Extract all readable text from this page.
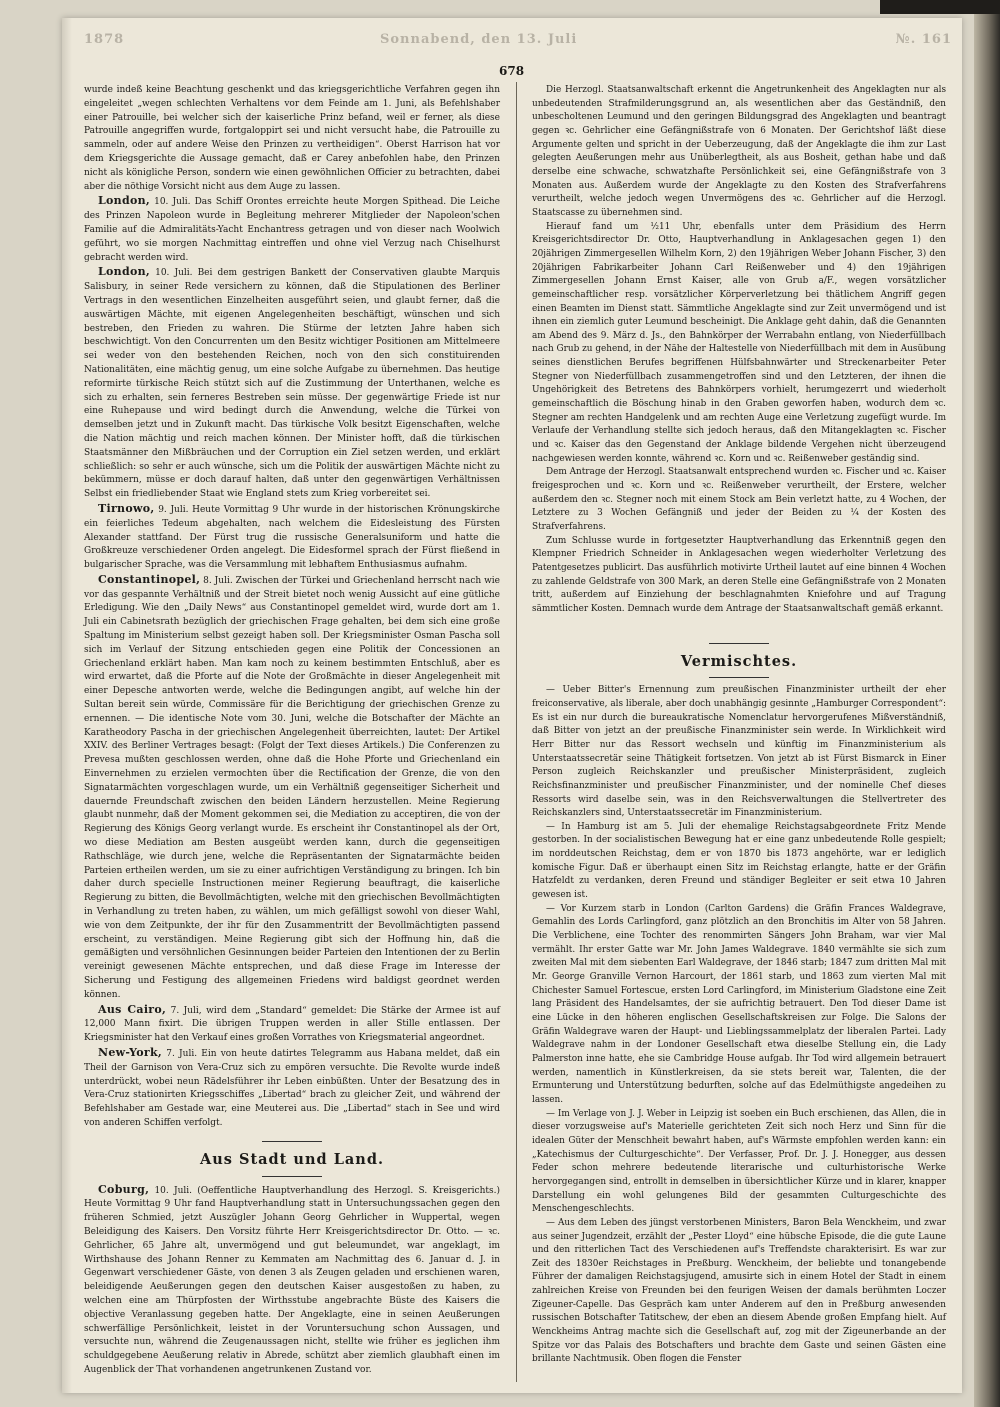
1878	Sonnabend, den 13. Juli	№. 161
678

wurde indeß keine Beachtung geschenkt und das kriegsgerichtliche Verfahren gegen ihn eingeleitet „wegen schlechten Verhaltens vor dem Feinde am 1. Juni, als Befehlshaber einer Patrouille, bei welcher sich der kaiserliche Prinz befand, weil er ferner, als diese Patrouille angegriffen wurde, fortgaloppirt sei und nicht versucht habe, die Patrouille zu sammeln, oder auf andere Weise den Prinzen zu vertheidigen“. Oberst Harrison hat vor dem Kriegsgerichte die Aussage gemacht, daß er Carey anbefohlen habe, den Prinzen nicht als königliche Person, sondern wie einen gewöhnlichen Officier zu betrachten, dabei aber die nöthige Vorsicht nicht aus dem Auge zu lassen.

London, 10. Juli. Das Schiff Orontes erreichte heute Morgen Spithead. Die Leiche des Prinzen Napoleon wurde in Begleitung mehrerer Mitglieder der Napoleon'schen Familie auf die Admiralitäts-Yacht Enchantress getragen und von dieser nach Woolwich geführt, wo sie morgen Nachmittag eintreffen und ohne viel Verzug nach Chiselhurst gebracht werden wird.

London, 10. Juli. Bei dem gestrigen Bankett der Conservativen glaubte Marquis Salisbury, in seiner Rede versichern zu können, daß die Stipulationen des Berliner Vertrags in den wesentlichen Einzelheiten ausgeführt seien, und glaubt ferner, daß die auswärtigen Mächte, mit eigenen Angelegenheiten beschäftigt, wünschen und sich bestreben, den Frieden zu wahren. Die Stürme der letzten Jahre haben sich beschwichtigt. Von den Concurrenten um den Besitz wichtiger Positionen am Mittelmeere sei weder von den bestehenden Reichen, noch von den sich constituirenden Nationalitäten, eine mächtig genug, um eine solche Aufgabe zu übernehmen. Das heutige reformirte türkische Reich stützt sich auf die Zustimmung der Unterthanen, welche es sich zu erhalten, sein ferneres Bestreben sein müsse. Der gegenwärtige Friede ist nur eine Ruhepause und wird bedingt durch die Anwendung, welche die Türkei von demselben jetzt und in Zukunft macht. Das türkische Volk besitzt Eigenschaften, welche die Nation mächtig und reich machen können. Der Minister hofft, daß die türkischen Staatsmänner den Mißbräuchen und der Corruption ein Ziel setzen werden, und erklärt schließlich: so sehr er auch wünsche, sich um die Politik der auswärtigen Mächte nicht zu bekümmern, müsse er doch darauf halten, daß unter den gegenwärtigen Verhältnissen Selbst ein friedliebender Staat wie England stets zum Krieg vorbereitet sei.

Tirnowo, 9. Juli. Heute Vormittag 9 Uhr wurde in der historischen Krönungskirche ein feierliches Tedeum abgehalten, nach welchem die Eidesleistung des Fürsten Alexander stattfand. Der Fürst trug die russische Generalsuniform und hatte die Großkreuze verschiedener Orden angelegt. Die Eidesformel sprach der Fürst fließend in bulgarischer Sprache, was die Versammlung mit lebhaftem Enthusiasmus aufnahm.

Constantinopel, 8. Juli. Zwischen der Türkei und Griechenland herrscht nach wie vor das gespannte Verhältniß und der Streit bietet noch wenig Aussicht auf eine gütliche Erledigung. Wie den „Daily News“ aus Constantinopel gemeldet wird, wurde dort am 1. Juli ein Cabinetsrath bezüglich der griechischen Frage gehalten, bei dem sich eine große Spaltung im Ministerium selbst gezeigt haben soll. Der Kriegsminister Osman Pascha soll sich im Verlauf der Sitzung entschieden gegen eine Politik der Concessionen an Griechenland erklärt haben. Man kam noch zu keinem bestimmten Entschluß, aber es wird erwartet, daß die Pforte auf die Note der Großmächte in dieser Angelegenheit mit einer Depesche antworten werde, welche die Bedingungen angibt, auf welche hin der Sultan bereit sein würde, Commissäre für die Berichtigung der griechischen Grenze zu ernennen. — Die identische Note vom 30. Juni, welche die Botschafter der Mächte an Karatheodory Pascha in der griechischen Angelegenheit überreichten, lautet: Der Artikel XXIV. des Berliner Vertrages besagt: (Folgt der Text dieses Artikels.) Die Conferenzen zu Prevesa mußten geschlossen werden, ohne daß die Hohe Pforte und Griechenland ein Einvernehmen zu erzielen vermochten über die Rectification der Grenze, die von den Signatarmächten vorgeschlagen wurde, um ein Verhältniß gegenseitiger Sicherheit und dauernde Freundschaft zwischen den beiden Ländern herzustellen. Meine Regierung glaubt nunmehr, daß der Moment gekommen sei, die Mediation zu acceptiren, die von der Regierung des Königs Georg verlangt wurde. Es erscheint ihr Constantinopel als der Ort, wo diese Mediation am Besten ausgeübt werden kann, durch die gegenseitigen Rathschläge, wie durch jene, welche die Repräsentanten der Signatarmächte beiden Parteien ertheilen werden, um sie zu einer aufrichtigen Verständigung zu bringen. Ich bin daher durch specielle Instructionen meiner Regierung beauftragt, die kaiserliche Regierung zu bitten, die Bevollmächtigten, welche mit den griechischen Bevollmächtigten in Verhandlung zu treten haben, zu wählen, um mich gefälligst sowohl von dieser Wahl, wie von dem Zeitpunkte, der ihr für den Zusammentritt der Bevollmächtigten passend erscheint, zu verständigen. Meine Regierung gibt sich der Hoffnung hin, daß die gemäßigten und versöhnlichen Gesinnungen beider Parteien den Intentionen der zu Berlin vereinigt gewesenen Mächte entsprechen, und daß diese Frage im Interesse der Sicherung und Festigung des allgemeinen Friedens wird baldigst geordnet werden können.

Aus Cairo, 7. Juli, wird dem „Standard“ gemeldet: Die Stärke der Armee ist auf 12,000 Mann fixirt. Die übrigen Truppen werden in aller Stille entlassen. Der Kriegsminister hat den Verkauf eines großen Vorrathes von Kriegsmaterial angeordnet.

New-York, 7. Juli. Ein von heute datirtes Telegramm aus Habana meldet, daß ein Theil der Garnison von Vera-Cruz sich zu empören versuchte. Die Revolte wurde indeß unterdrückt, wobei neun Rädelsführer ihr Leben einbüßten. Unter der Besatzung des in Vera-Cruz stationirten Kriegsschiffes „Libertad“ brach zu gleicher Zeit, und während der Befehlshaber am Gestade war, eine Meuterei aus. Die „Libertad“ stach in See und wird von anderen Schiffen verfolgt.

Aus Stadt und Land.

Coburg, 10. Juli. (Oeffentliche Hauptverhandlung des Herzogl. S. Kreisgerichts.) Heute Vormittag 9 Uhr fand Hauptverhandlung statt in Untersuchungssachen gegen den früheren Schmied, jetzt Auszügler Johann Georg Gehrlicher in Wuppertal, wegen Beleidigung des Kaisers. Den Vorsitz führte Herr Kreisgerichtsdirector Dr. Otto. — ꝛc. Gehrlicher, 65 Jahre alt, unvermögend und gut beleumundet, war angeklagt, im Wirthshause des Johann Renner zu Kemmaten am Nachmittag des 6. Januar d. J. in Gegenwart verschiedener Gäste, von denen 3 als Zeugen geladen und erschienen waren, beleidigende Aeußerungen gegen den deutschen Kaiser ausgestoßen zu haben, zu welchen eine am Thürpfosten der Wirthsstube angebrachte Büste des Kaisers die objective Veranlassung gegeben hatte. Der Angeklagte, eine in seinen Aeußerungen schwerfällige Persönlichkeit, leistet in der Voruntersuchung schon Aussagen, und versuchte nun, während die Zeugenaussagen nicht, stellte wie früher es jeglichen ihm schuldgegebene Aeußerung relativ in Abrede, schützt aber ziemlich glaubhaft einen im Augenblick der That vorhandenen angetrunkenen Zustand vor.

Die Herzogl. Staatsanwaltschaft erkennt die Angetrunkenheit des Angeklagten nur als unbedeutenden Strafmilderungsgrund an, als wesentlichen aber das Geständniß, den unbescholtenen Leumund und den geringen Bildungsgrad des Angeklagten und beantragt gegen ꝛc. Gehrlicher eine Gefängnißstrafe von 6 Monaten. Der Gerichtshof läßt diese Argumente gelten und spricht in der Ueberzeugung, daß der Angeklagte die ihm zur Last gelegten Aeußerungen mehr aus Unüberlegtheit, als aus Bosheit, gethan habe und daß derselbe eine schwache, schwatzhafte Persönlichkeit sei, eine Gefängnißstrafe von 3 Monaten aus. Außerdem wurde der Angeklagte zu den Kosten des Strafverfahrens verurtheilt, welche jedoch wegen Unvermögens des ꝛc. Gehrlicher auf die Herzogl. Staatscasse zu übernehmen sind.

Hierauf fand um ½11 Uhr, ebenfalls unter dem Präsidium des Herrn Kreisgerichtsdirector Dr. Otto, Hauptverhandlung in Anklagesachen gegen 1) den 20jährigen Zimmergesellen Wilhelm Korn, 2) den 19jährigen Weber Johann Fischer, 3) den 20jährigen Fabrikarbeiter Johann Carl Reißenweber und 4) den 19jährigen Zimmergesellen Johann Ernst Kaiser, alle von Grub a/F., wegen vorsätzlicher gemeinschaftlicher resp. vorsätzlicher Körperverletzung bei thätlichem Angriff gegen einen Beamten im Dienst statt. Sämmtliche Angeklagte sind zur Zeit unvermögend und ist ihnen ein ziemlich guter Leumund bescheinigt. Die Anklage geht dahin, daß die Genannten am Abend des 9. März d. Js., den Bahnkörper der Werrabahn entlang, von Niederfüllbach nach Grub zu gehend, in der Nähe der Haltestelle von Niederfüllbach mit dem in Ausübung seines dienstlichen Berufes begriffenen Hülfsbahnwärter und Streckenarbeiter Peter Stegner von Niederfüllbach zusammengetroffen sind und den Letzteren, der ihnen die Ungehörigkeit des Betretens des Bahnkörpers vorhielt, herumgezerrt und wiederholt gemeinschaftlich die Böschung hinab in den Graben geworfen haben, wodurch dem ꝛc. Stegner am rechten Handgelenk und am rechten Auge eine Verletzung zugefügt wurde. Im Verlaufe der Verhandlung stellte sich jedoch heraus, daß den Mitangeklagten ꝛc. Fischer und ꝛc. Kaiser das den Gegenstand der Anklage bildende Vergehen nicht überzeugend nachgewiesen werden konnte, während ꝛc. Korn und ꝛc. Reißenweber geständig sind.

Dem Antrage der Herzogl. Staatsanwalt entsprechend wurden ꝛc. Fischer und ꝛc. Kaiser freigesprochen und ꝛc. Korn und ꝛc. Reißenweber verurtheilt, der Erstere, welcher außerdem den ꝛc. Stegner noch mit einem Stock am Bein verletzt hatte, zu 4 Wochen, der Letztere zu 3 Wochen Gefängniß und jeder der Beiden zu ¼ der Kosten des Strafverfahrens.

Zum Schlusse wurde in fortgesetzter Hauptverhandlung das Erkenntniß gegen den Klempner Friedrich Schneider in Anklagesachen wegen wiederholter Verletzung des Patentgesetzes publicirt. Das ausführlich motivirte Urtheil lautet auf eine binnen 4 Wochen zu zahlende Geldstrafe von 300 Mark, an deren Stelle eine Gefängnißstrafe von 2 Monaten tritt, außerdem auf Einziehung der beschlagnahmten Kniefohre und auf Tragung sämmtlicher Kosten. Demnach wurde dem Antrage der Staatsanwaltschaft gemäß erkannt.

Vermischtes.

— Ueber Bitter's Ernennung zum preußischen Finanzminister urtheilt der eher freiconservative, als liberale, aber doch unabhängig gesinnte „Hamburger Correspondent“: Es ist ein nur durch die bureaukratische Nomenclatur hervorgerufenes Mißverständniß, daß Bitter von jetzt an der preußische Finanzminister sein werde. In Wirklichkeit wird Herr Bitter nur das Ressort wechseln und künftig im Finanzministerium als Unterstaatssecretär seine Thätigkeit fortsetzen. Von jetzt ab ist Fürst Bismarck in Einer Person zugleich Reichskanzler und preußischer Ministerpräsident, zugleich Reichsfinanzminister und preußischer Finanzminister, und der nominelle Chef dieses Ressorts wird daselbe sein, was in den Reichsverwaltungen die Stellvertreter des Reichskanzlers sind, Unterstaatssecretär im Finanzministerium.

— In Hamburg ist am 5. Juli der ehemalige Reichstagsabgeordnete Fritz Mende gestorben. In der socialistischen Bewegung hat er eine ganz unbedeutende Rolle gespielt; im norddeutschen Reichstag, dem er von 1870 bis 1873 angehörte, war er lediglich komische Figur. Daß er überhaupt einen Sitz im Reichstag erlangte, hatte er der Gräfin Hatzfeldt zu verdanken, deren Freund und ständiger Begleiter er seit etwa 10 Jahren gewesen ist.

— Vor Kurzem starb in London (Carlton Gardens) die Gräfin Frances Waldegrave, Gemahlin des Lords Carlingford, ganz plötzlich an den Bronchitis im Alter von 58 Jahren. Die Verblichene, eine Tochter des renommirten Sängers John Braham, war vier Mal vermählt. Ihr erster Gatte war Mr. John James Waldegrave. 1840 vermählte sie sich zum zweiten Mal mit dem siebenten Earl Waldegrave, der 1846 starb; 1847 zum dritten Mal mit Mr. George Granville Vernon Harcourt, der 1861 starb, und 1863 zum vierten Mal mit Chichester Samuel Fortescue, ersten Lord Carlingford, im Ministerium Gladstone eine Zeit lang Präsident des Handelsamtes, der sie aufrichtig betrauert. Den Tod dieser Dame ist eine Lücke in den höheren englischen Gesellschaftskreisen zur Folge. Die Salons der Gräfin Waldegrave waren der Haupt- und Lieblingssammelplatz der liberalen Partei. Lady Waldegrave nahm in der Londoner Gesellschaft etwa dieselbe Stellung ein, die Lady Palmerston inne hatte, ehe sie Cambridge House aufgab. Ihr Tod wird allgemein betrauert werden, namentlich in Künstlerkreisen, da sie stets bereit war, Talenten, die der Ermunterung und Unterstützung bedurften, solche auf das Edelmüthigste angedeihen zu lassen.

— Im Verlage von J. J. Weber in Leipzig ist soeben ein Buch erschienen, das Allen, die in dieser vorzugsweise auf's Materielle gerichteten Zeit sich noch Herz und Sinn für die idealen Güter der Menschheit bewahrt haben, auf's Wärmste empfohlen werden kann: ein „Katechismus der Culturgeschichte“. Der Verfasser, Prof. Dr. J. J. Honegger, aus dessen Feder schon mehrere bedeutende literarische und culturhistorische Werke hervorgegangen sind, entrollt in demselben in übersichtlicher Kürze und in klarer, knapper Darstellung ein wohl gelungenes Bild der gesammten Culturgeschichte des Menschengeschlechts.

— Aus dem Leben des jüngst verstorbenen Ministers, Baron Bela Wenckheim, und zwar aus seiner Jugendzeit, erzählt der „Pester Lloyd“ eine hübsche Episode, die die gute Laune und den ritterlichen Tact des Verschiedenen auf's Treffendste charakterisirt. Es war zur Zeit des 1830er Reichstages in Preßburg. Wenckheim, der beliebte und tonangebende Führer der damaligen Reichstagsjugend, amusirte sich in einem Hotel der Stadt in einem zahlreichen Kreise von Freunden bei den feurigen Weisen der damals berühmten Loczer Zigeuner-Capelle. Das Gespräch kam unter Anderem auf den in Preßburg anwesenden russischen Botschafter Tatitschew, der eben an diesem Abende großen Empfang hielt. Auf Wenckheims Antrag machte sich die Gesellschaft auf, zog mit der Zigeunerbande an der Spitze vor das Palais des Botschafters und brachte dem Gaste und seinen Gästen eine brillante Nachtmusik. Oben flogen die Fenster
